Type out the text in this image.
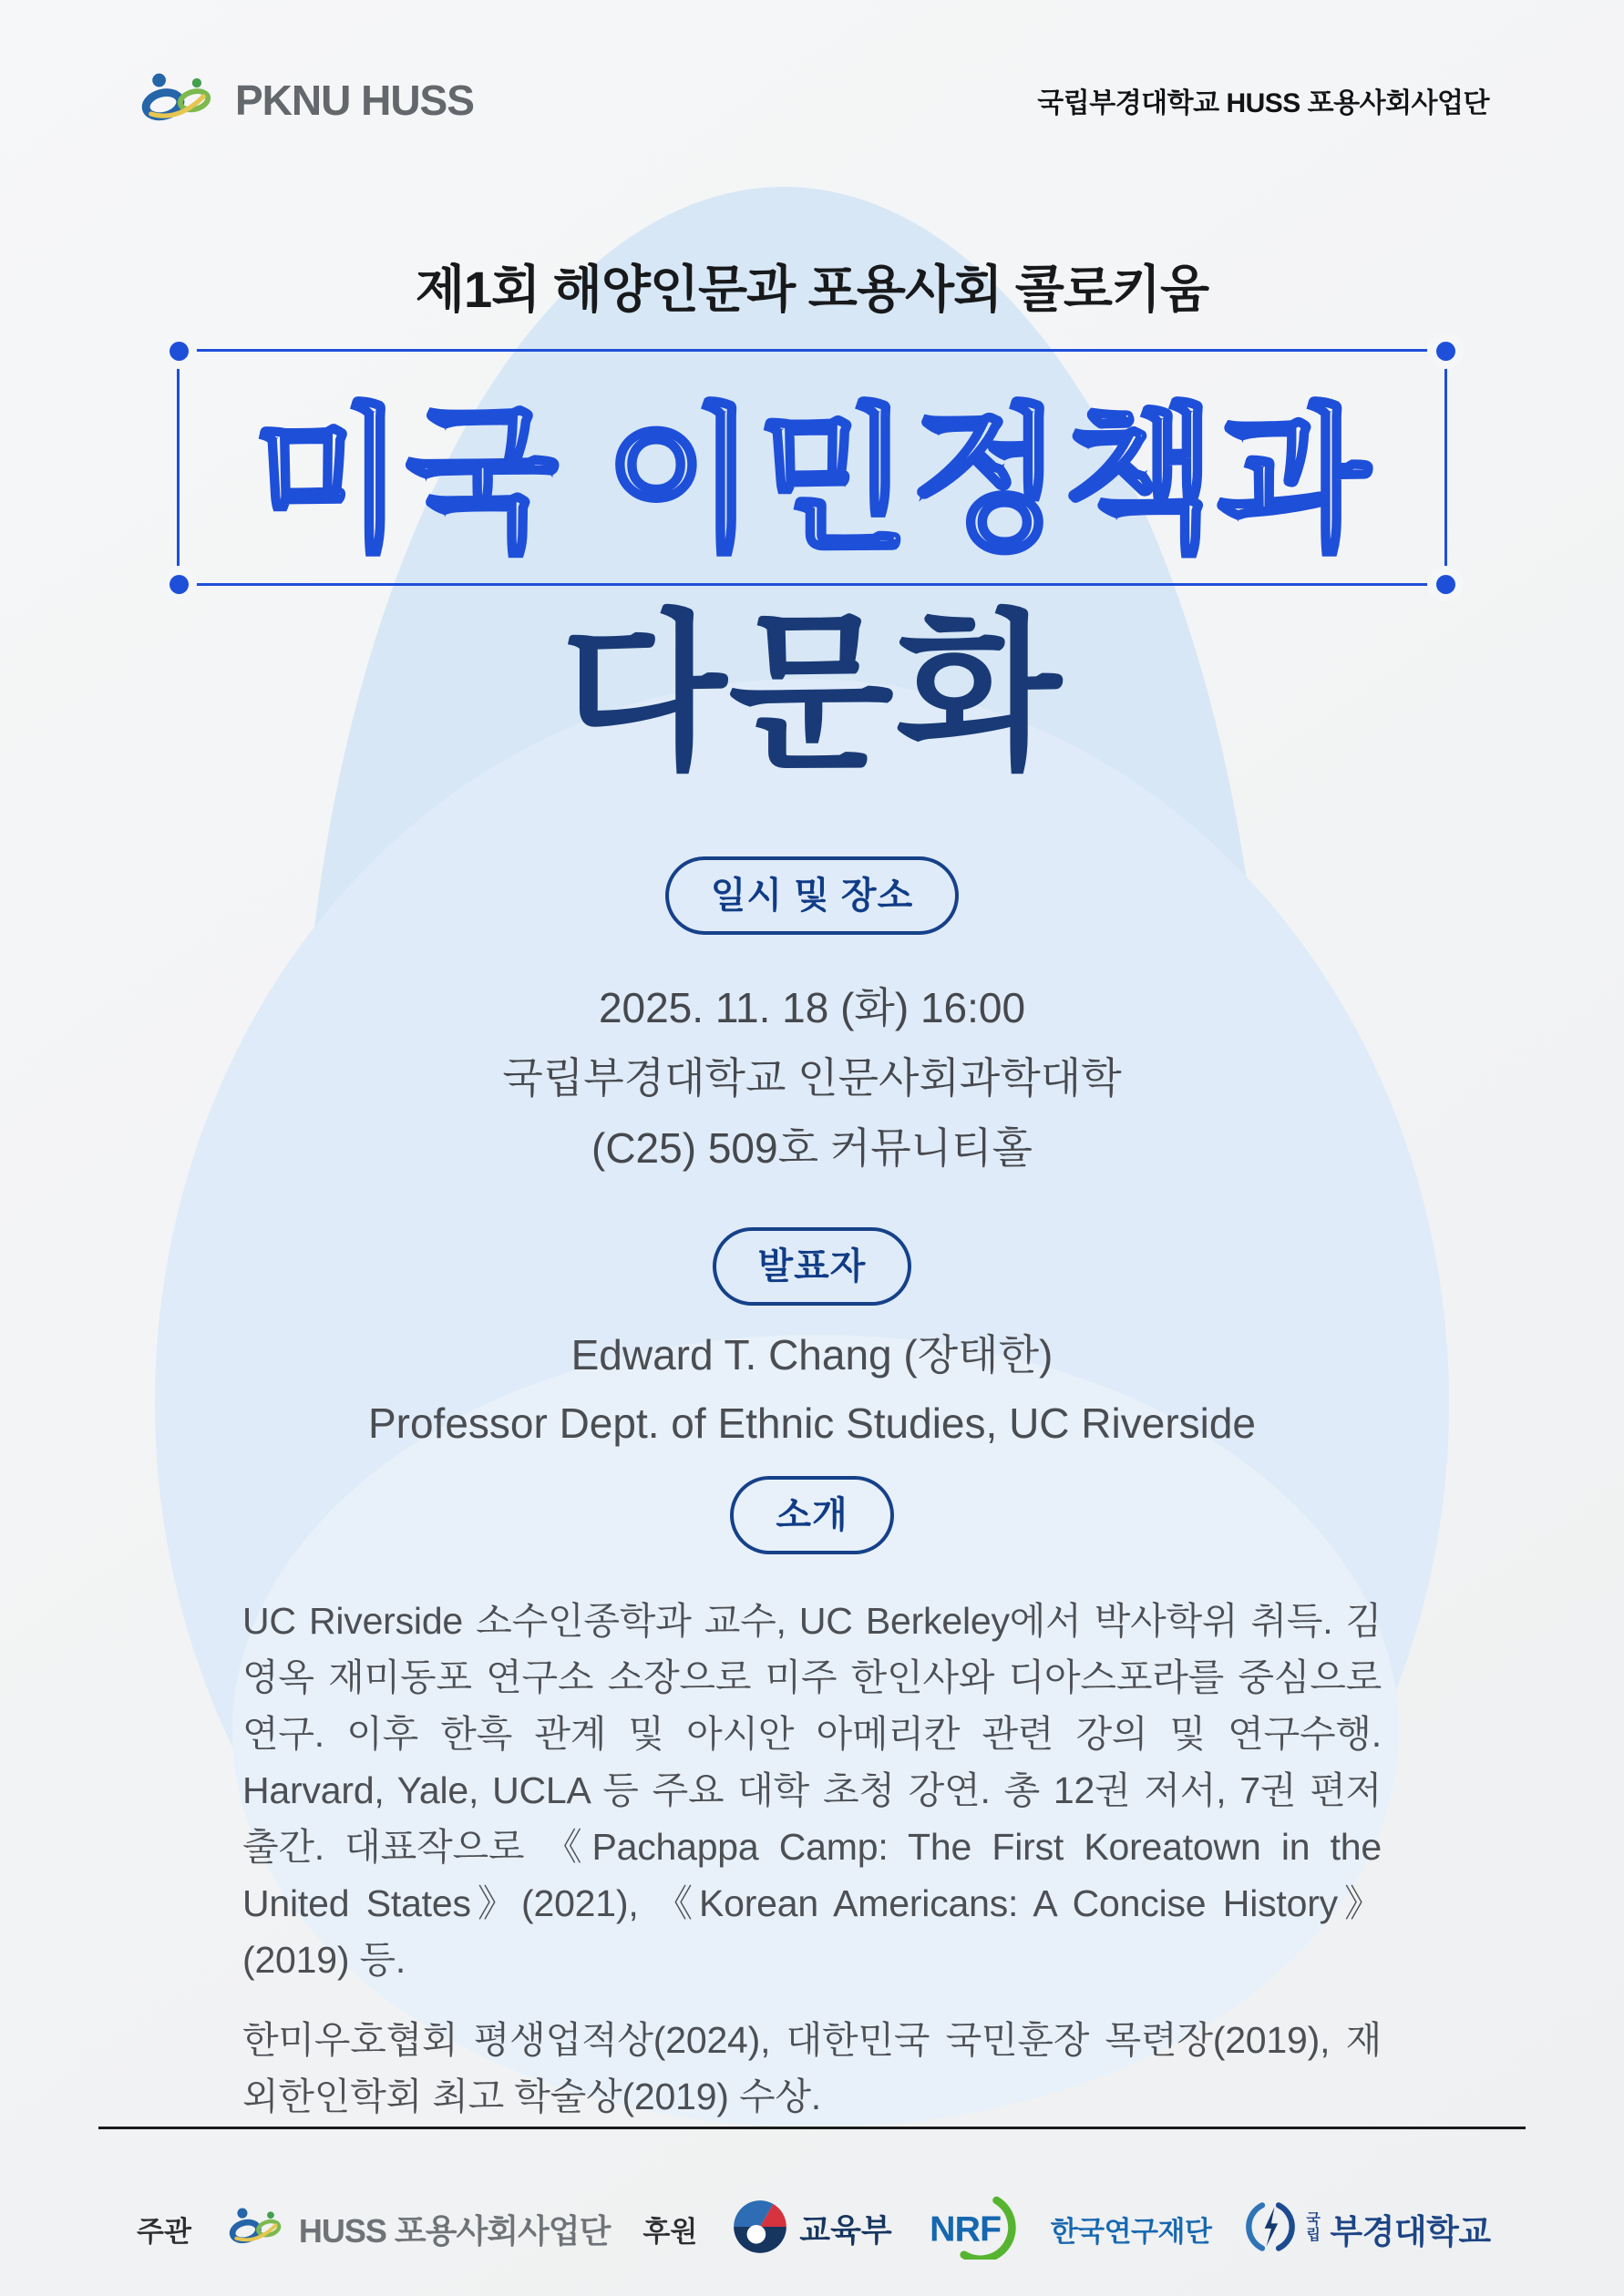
PKNU HUSS	국립부경대학교 HUSS 포용사회사업단
제1회 해양인문과 포용사회 콜로키움
미국 이민정책과
다문화
일시 및 장소
2025. 11. 18 (화) 16:00
국립부경대학교 인문사회과학대학
(C25) 509호 커뮤니티홀
발표자
Edward T. Chang (장태한)
Professor Dept. of Ethnic Studies, UC Riverside
소개

UC Riverside 소수인종학과 교수, UC Berkeley에서 박사학위 취득. 김영옥 재미동포 연구소 소장으로 미주 한인사와 디아스포라를 중심으로 연구. 이후 한흑 관계 및 아시안 아메리칸 관련 강의 및 연구수행. Harvard, Yale, UCLA 등 주요 대학 초청 강연. 총 12권 저서, 7권 편저 출간. 대표작으로 《Pachappa Camp: The First Koreatown in the United States》(2021), 《Korean Americans: A Concise History》(2019) 등.

한미우호협회 평생업적상(2024), 대한민국 국민훈장 목련장(2019), 재외한인학회 최고 학술상(2019) 수상.

주관	HUSS 포용사회사업단 후원	교육부 NRF 한국연구재단	국립 부경대학교
